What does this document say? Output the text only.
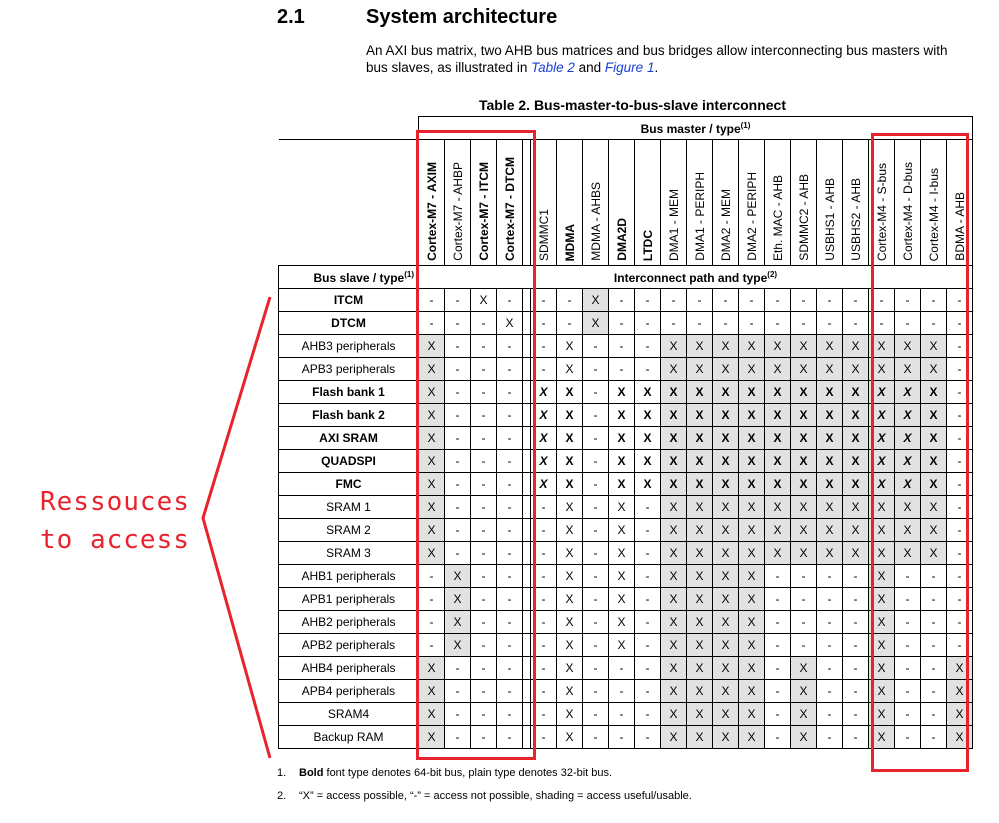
2.1	System architecture
An AXI bus matrix, two AHB bus matrices and bus bridges allow interconnecting bus masters with bus slaves, as illustrated in Table 2 and Figure 1.
Table 2. Bus-master-to-bus-slave interconnect
	Bus master / type$^{(1)}$

	Cortex-M7 - AXIM	Cortex-M7 - AHBP	Cortex-M7 - ITCM	Cortex-M7 - DTCM		SDMMC1	MDMA	MDMA - AHBS	DMA2D	LTDC	DMA1 - MEM	DMA1 - PERIPH	DMA2 - MEM	DMA2 - PERIPH	Eth. MAC - AHB	SDMMC2 - AHB	USBHS1 - AHB	USBHS2 - AHB	Cortex-M4 - S-bus	Cortex-M4 - D-bus	Cortex-M4 - I-bus	BDMA - AHB

Bus slave / type$^{(1)}$	Interconnect path and type$^{(2)}$
ITCM	-	-	X	-		-	-	X	-	-	-	-	-	-	-	-	-	-	-	-	-	-
DTCM	-	-	-	X		-	-	X	-	-	-	-	-	-	-	-	-	-	-	-	-	-
AHB3 peripherals	X	-	-	-		-	X	-	-	-	X	X	X	X	X	X	X	X	X	X	X	-
APB3 peripherals	X	-	-	-		-	X	-	-	-	X	X	X	X	X	X	X	X	X	X	X	-
Flash bank 1	X	-	-	-		X	X	-	X	X	X	X	X	X	X	X	X	X	X	X	X	-
Flash bank 2	X	-	-	-		X	X	-	X	X	X	X	X	X	X	X	X	X	X	X	X	-
AXI SRAM	X	-	-	-		X	X	-	X	X	X	X	X	X	X	X	X	X	X	X	X	-
QUADSPI	X	-	-	-		X	X	-	X	X	X	X	X	X	X	X	X	X	X	X	X	-
FMC	X	-	-	-		X	X	-	X	X	X	X	X	X	X	X	X	X	X	X	X	-
SRAM 1	X	-	-	-		-	X	-	X	-	X	X	X	X	X	X	X	X	X	X	X	-
SRAM 2	X	-	-	-		-	X	-	X	-	X	X	X	X	X	X	X	X	X	X	X	-
SRAM 3	X	-	-	-		-	X	-	X	-	X	X	X	X	X	X	X	X	X	X	X	-
AHB1 peripherals	-	X	-	-		-	X	-	X	-	X	X	X	X	-	-	-	-	X	-	-	-
APB1 peripherals	-	X	-	-		-	X	-	X	-	X	X	X	X	-	-	-	-	X	-	-	-
AHB2 peripherals	-	X	-	-		-	X	-	X	-	X	X	X	X	-	-	-	-	X	-	-	-
APB2 peripherals	-	X	-	-		-	X	-	X	-	X	X	X	X	-	-	-	-	X	-	-	-
AHB4 peripherals	X	-	-	-		-	X	-	-	-	X	X	X	X	-	X	-	-	X	-	-	X
APB4 peripherals	X	-	-	-		-	X	-	-	-	X	X	X	X	-	X	-	-	X	-	-	X
SRAM4	X	-	-	-		-	X	-	-	-	X	X	X	X	-	X	-	-	X	-	-	X
Backup RAM	X	-	-	-		-	X	-	-	-	X	X	X	X	-	X	-	-	X	-	-	X
Ressouces
to access
1. Bold font type denotes 64-bit bus, plain type denotes 32-bit bus.
2. “X” = access possible, “-” = access not possible, shading = access useful/usable.
